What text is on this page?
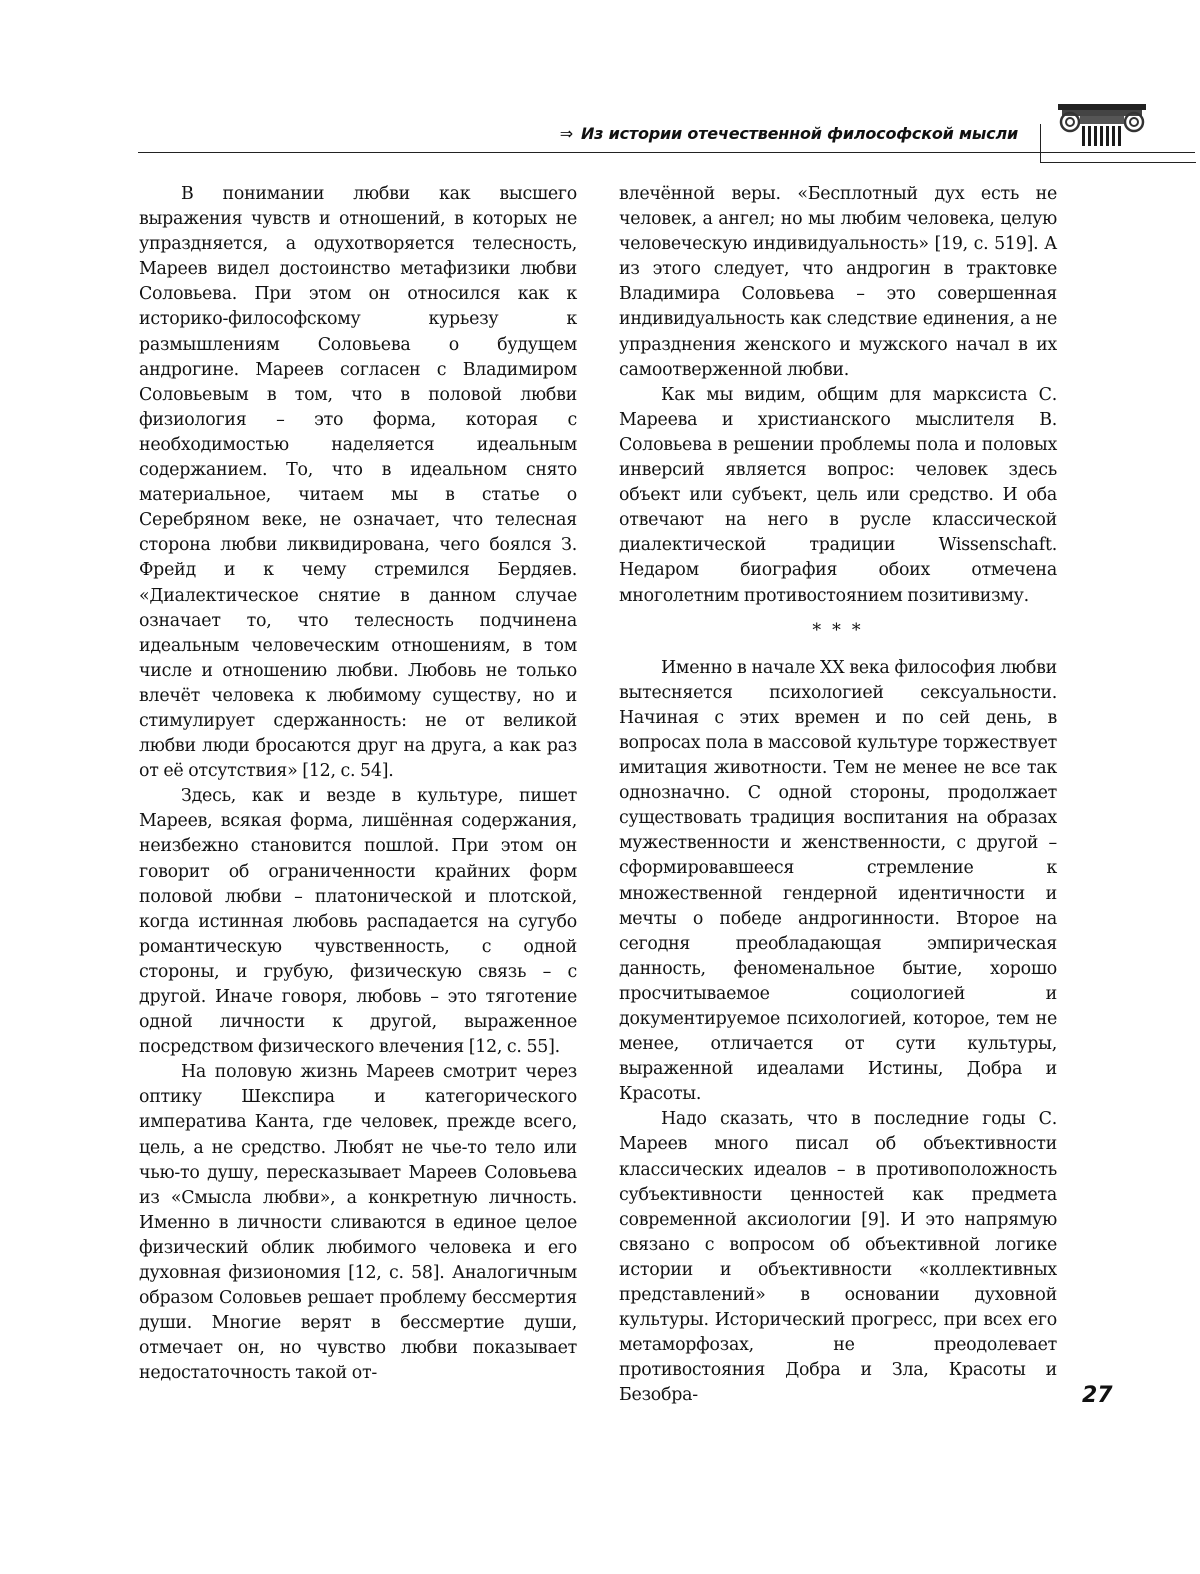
⇒ Из истории отечественной философской мысли

В понимании любви как высшего выражения чувств и отношений, в которых не упраздняется, а одухотворяется телесность, Мареев видел достоинство метафизики любви Соловьева. При этом он относился как к историко-философскому курьезу к размышлениям Соловьева о будущем андрогине. Мареев согласен с Владимиром Соловьевым в том, что в половой любви физиология – это форма, которая с необходимостью наделяется идеальным содержанием. То, что в идеальном снято материальное, читаем мы в статье о Серебряном веке, не означает, что телесная сторона любви ликвидирована, чего боялся З. Фрейд и к чему стремился Бердяев. «Диалектическое снятие в данном случае означает то, что телесность подчинена идеальным человеческим отношениям, в том числе и отношению любви. Любовь не только влечёт человека к любимому существу, но и стимулирует сдержанность: не от великой любви люди бросаются друг на друга, а как раз от её отсутствия» [12, с. 54].

Здесь, как и везде в культуре, пишет Мареев, всякая форма, лишённая содержания, неизбежно становится пошлой. При этом он говорит об ограниченности крайних форм половой любви – платонической и плотской, когда истинная любовь распадается на сугубо романтическую чувственность, с одной стороны, и грубую, физическую связь – с другой. Иначе говоря, любовь – это тяготение одной личности к другой, выраженное посредством физического влечения [12, с. 55].

На половую жизнь Мареев смотрит через оптику Шекспира и категорического императива Канта, где человек, прежде всего, цель, а не средство. Любят не чье-то тело или чью-то душу, пересказывает Мареев Соловьева из «Смысла любви», а конкретную личность. Именно в личности сливаются в единое целое физический облик любимого человека и его духовная физиономия [12, с. 58]. Аналогичным образом Соловьев решает проблему бессмертия души. Многие верят в бессмертие души, отмечает он, но чувство любви показывает недостаточность такой от-

влечённой веры. «Бесплотный дух есть не человек, а ангел; но мы любим человека, целую человеческую индивидуальность» [19, с. 519]. А из этого следует, что андрогин в трактовке Владимира Соловьева – это совершенная индивидуальность как следствие единения, а не упразднения женского и мужского начал в их самоотверженной любви.

Как мы видим, общим для марксиста С. Мареева и христианского мыслителя В. Соловьева в решении проблемы пола и половых инверсий является вопрос: человек здесь объект или субъект, цель или средство. И оба отвечают на него в русле классической диалектической традиции Wissenschaft. Недаром биография обоих отмечена многолетним противостоянием позитивизму.

* * *

Именно в начале XX века философия любви вытесняется психологией сексуальности. Начиная с этих времен и по сей день, в вопросах пола в массовой культуре торжествует имитация животности. Тем не менее не все так однозначно. С одной стороны, продолжает существовать традиция воспитания на образах мужественности и женственности, с другой – сформировавшееся стремление к множественной гендерной идентичности и мечты о победе андрогинности. Второе на сегодня преобладающая эмпирическая данность, феноменальное бытие, хорошо просчитываемое социологией и документируемое психологией, которое, тем не менее, отличается от сути культуры, выраженной идеалами Истины, Добра и Красоты.

Надо сказать, что в последние годы С. Мареев много писал об объективности классических идеалов – в противоположность субъективности ценностей как предмета современной аксиологии [9]. И это напрямую связано с вопросом об объективной логике истории и объективности «коллективных представлений» в основании духовной культуры. Исторический прогресс, при всех его метаморфозах, не преодолевает противостояния Добра и Зла, Красоты и Безобра-	27
